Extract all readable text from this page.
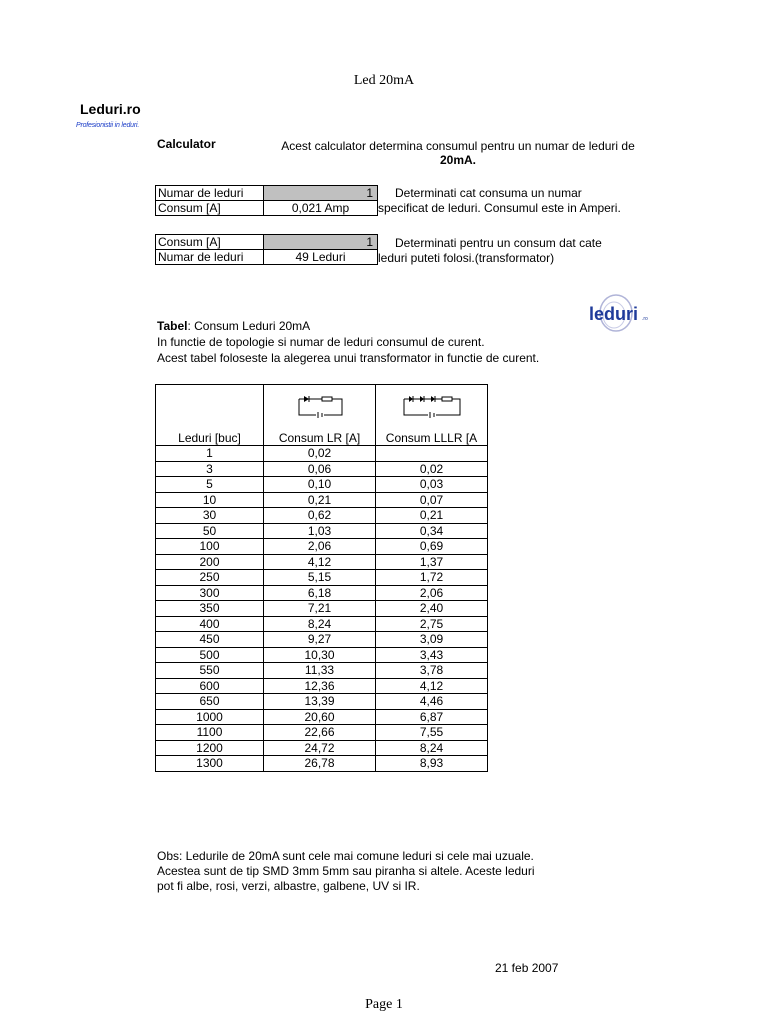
Led 20mA
Leduri.ro
Profesionistii in leduri.
Calculator	Acest calculator determina consumul pentru un numar de leduri de
20mA.
Numar de leduri	1
Consum [A]	0,021 Amp
Determinati cat consuma un numar
specificat de leduri. Consumul este in Amperi.
Consum [A]	1
Numar de leduri	49 Leduri
Determinati pentru un consum dat cate
leduri puteti folosi.(transformator)
leduri .ro
Tabel: Consum Leduri 20mA
In functie de topologie si numar de leduri consumul de curent.
Acest tabel foloseste la alegerea unui transformator in functie de curent.
Leduri [buc]	Consum LR [A]	Consum LLLR [A
1	0,02	
3	0,06	0,02
5	0,10	0,03
10	0,21	0,07
30	0,62	0,21
50	1,03	0,34
100	2,06	0,69
200	4,12	1,37
250	5,15	1,72
300	6,18	2,06
350	7,21	2,40
400	8,24	2,75
450	9,27	3,09
500	10,30	3,43
550	11,33	3,78
600	12,36	4,12
650	13,39	4,46
1000	20,60	6,87
1100	22,66	7,55
1200	24,72	8,24
1300	26,78	8,93
Obs: Ledurile de 20mA sunt cele mai comune leduri si cele mai uzuale.
Acestea sunt de tip SMD 3mm 5mm sau piranha si altele. Aceste leduri
pot fi albe, rosi, verzi, albastre, galbene, UV si IR.
21 feb 2007
Page 1
